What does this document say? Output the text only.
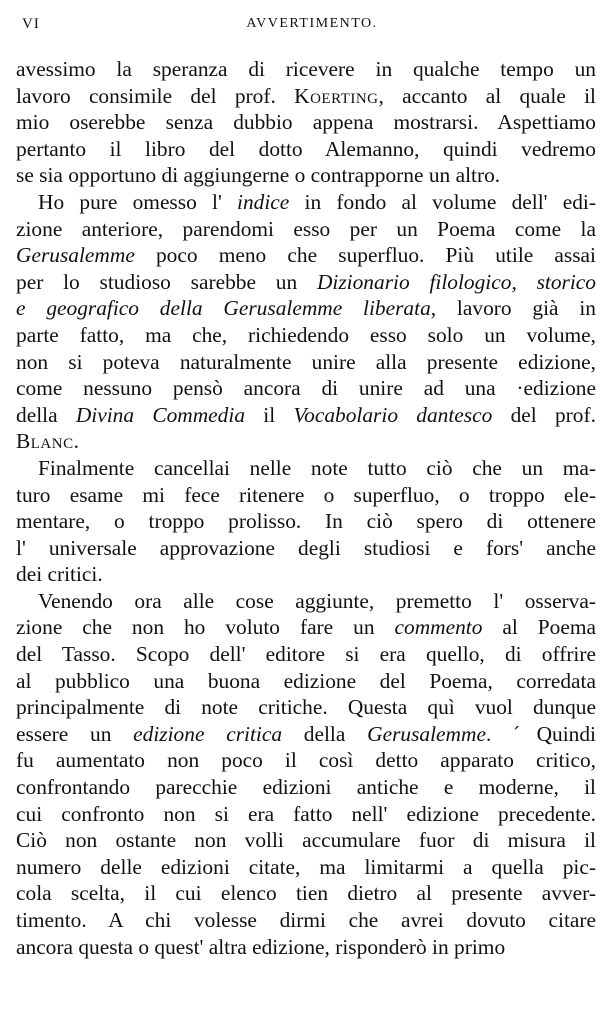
VI	AVVERTIMENTO.
avessimo la speranza di ricevere in qualche tempo un
lavoro consimile del prof. Koerting, accanto al quale il
mio oserebbe senza dubbio appena mostrarsi. Aspettiamo
pertanto il libro del dotto Alemanno, quindi vedremo
se sia opportuno di aggiungerne o contrapporne un altro.
Ho pure omesso l' indice in fondo al volume dell' edi-
zione anteriore, parendomi esso per un Poema come la
Gerusalemme poco meno che superfluo. Più utile assai
per lo studioso sarebbe un Dizionario filologico, storico
e geografico della Gerusalemme liberata, lavoro già in
parte fatto, ma che, richiedendo esso solo un volume,
non si poteva naturalmente unire alla presente edizione,
come nessuno pensò ancora di unire ad una ·edizione
della Divina Commedia il Vocabolario dantesco del prof.
Blanc.
Finalmente cancellai nelle note tutto ciò che un ma-
turo esame mi fece ritenere o superfluo, o troppo ele-
mentare, o troppo prolisso. In ciò spero di ottenere
l' universale approvazione degli studiosi e fors' anche
dei critici.
Venendo ora alle cose aggiunte, premetto l' osserva-
zione che non ho voluto fare un commento al Poema
del Tasso. Scopo dell' editore si era quello, di offrire
al pubblico una buona edizione del Poema, corredata
principalmente di note critiche. Questa quì vuol dunque
essere un edizione critica della Gerusalemme. ˊQuindi
fu aumentato non poco il così detto apparato critico,
confrontando parecchie edizioni antiche e moderne, il
cui confronto non si era fatto nell' edizione precedente.
Ciò non ostante non volli accumulare fuor di misura il
numero delle edizioni citate, ma limitarmi a quella pic-
cola scelta, il cui elenco tien dietro al presente avver-
timento. A chi volesse dirmi che avrei dovuto citare
ancora questa o quest' altra edizione, risponderò in primo
